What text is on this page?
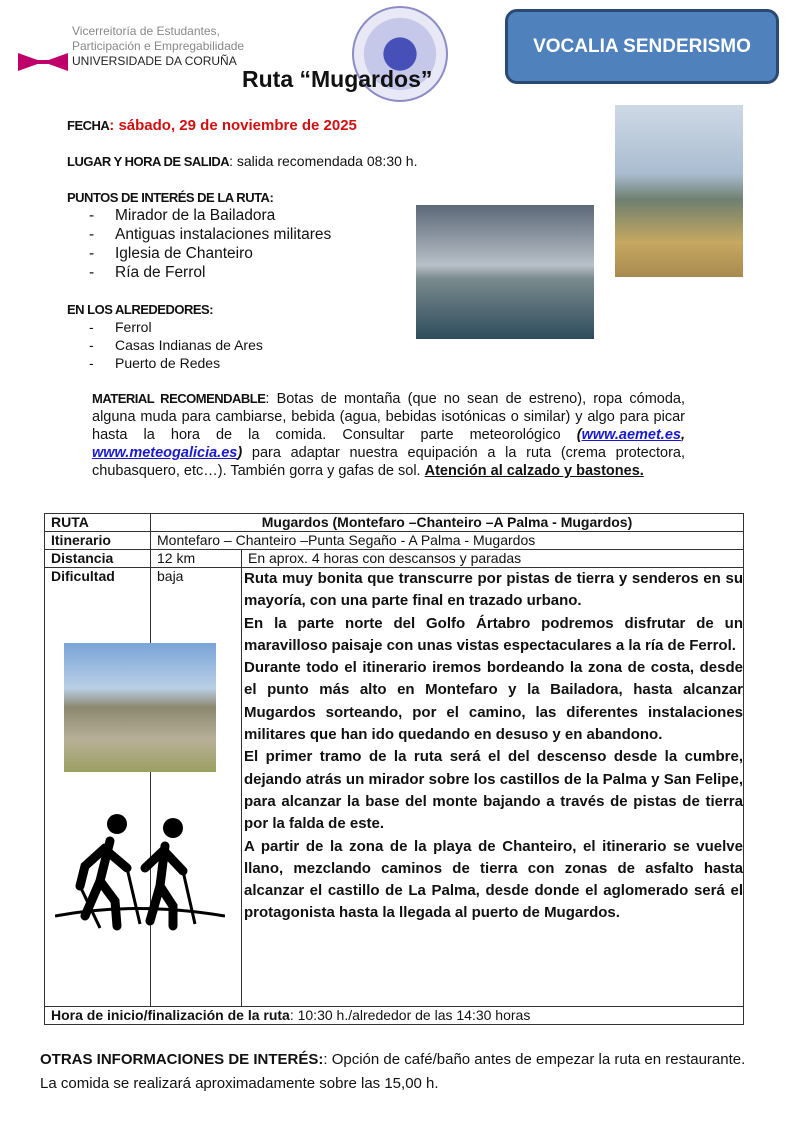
Vicerreitoría de Estudantes,
Participación e Empregabilidade
UNIVERSIDADE DA CORUÑA
Ruta “Mugardos”
VOCALIA SENDERISMO
FECHA: sábado, 29 de noviembre de 2025
LUGAR Y HORA DE SALIDA: salida recomendada 08:30 h.
PUNTOS DE INTERÉS DE LA RUTA:
- Mirador de la Bailadora
- Antiguas instalaciones militares
- Iglesia de Chanteiro
- Ría de Ferrol
EN LOS ALREDEDORES:
- Ferrol
- Casas Indianas de Ares
- Puerto de Redes
MATERIAL RECOMENDABLE: Botas de montaña (que no sean de estreno), ropa cómoda, alguna muda para cambiarse, bebida (agua, bebidas isotónicas o similar) y algo para picar hasta la hora de la comida. Consultar parte meteorológico (www.aemet.es, www.meteogalicia.es) para adaptar nuestra equipación a la ruta (crema protectora, chubasquero, etc…). También gorra y gafas de sol. Atención al calzado y bastones.
RUTA	Mugardos (Montefaro –Chanteiro –A Palma - Mugardos)	
Itinerario	Montefaro – Chanteiro –Punta Segaño - A Palma - Mugardos	
Distancia	12 km	En aprox. 4 horas con descansos y paradas
Dificultad	baja	Ruta muy bonita que transcurre por pistas de tierra y senderos en su mayoría, con una parte final en trazado urbano.

En la parte norte del Golfo Ártabro podremos disfrutar de un maravilloso paisaje con unas vistas espectaculares a la ría de Ferrol.

Durante todo el itinerario iremos bordeando la zona de costa, desde el punto más alto en Montefaro y la Bailadora, hasta alcanzar Mugardos sorteando, por el camino, las diferentes instalaciones militares que han ido quedando en desuso y en abandono.

El primer tramo de la ruta será el del descenso desde la cumbre, dejando atrás un mirador sobre los castillos de la Palma y San Felipe, para alcanzar la base del monte bajando a través de pistas de tierra por la falda de este.

A partir de la zona de la playa de Chanteiro, el itinerario se vuelve llano, mezclando caminos de tierra con zonas de asfalto hasta alcanzar el castillo de La Palma, desde donde el aglomerado será el protagonista hasta la llegada al puerto de Mugardos.

Hora de inicio/finalización de la ruta: 10:30 h./alrededor de las 14:30 horas		
OTRAS INFORMACIONES DE INTERÉS:: Opción de café/baño antes de empezar la ruta en restaurante.
La comida se realizará aproximadamente sobre las 15,00 h.
